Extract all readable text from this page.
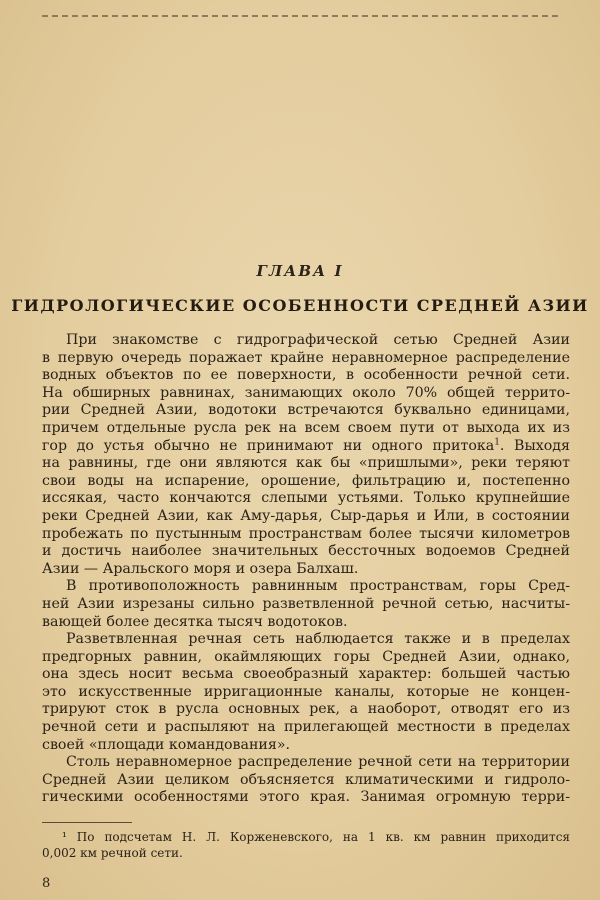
ГЛАВА I
ГИДРОЛОГИЧЕСКИЕ ОСОБЕННОСТИ СРЕДНЕЙ АЗИИ
При знакомстве с гидрографической сетью Средней Азии
в первую очередь поражает крайне неравномерное распределение
водных объектов по ее поверхности, в особенности речной сети.
На обширных равнинах, занимающих около 70% общей террито-
рии Средней Азии, водотоки встречаются буквально единицами,
причем отдельные русла рек на всем своем пути от выхода их из
гор до устья обычно не принимают ни одного притока$^1$. Выходя
на равнины, где они являются как бы «пришлыми», реки теряют
свои воды на испарение, орошение, фильтрацию и, постепенно
иссякая, часто кончаются слепыми устьями. Только крупнейшие
реки Средней Азии, как Аму-дарья, Сыр-дарья и Или, в состоянии
пробежать по пустынным пространствам более тысячи километров
и достичь наиболее значительных бессточных водоемов Средней
Азии — Аральского моря и озера Балхаш.
В противоположность равнинным пространствам, горы Сред-
ней Азии изрезаны сильно разветвленной речной сетью, насчиты-
вающей более десятка тысяч водотоков.
Разветвленная речная сеть наблюдается также и в пределах
предгорных равнин, окаймляющих горы Средней Азии, однако,
она здесь носит весьма своеобразный характер: большей частью
это искусственные ирригационные каналы, которые не концен-
трируют сток в русла основных рек, а наоборот, отводят его из
речной сети и распыляют на прилегающей местности в пределах
своей «площади командования».
Столь неравномерное распределение речной сети на территории
Средней Азии целиком объясняется климатическими и гидроло-
гическими особенностями этого края. Занимая огромную терри-
¹ По подсчетам Н. Л. Корженевского, на 1 кв. км равнин приходится
0,002 км речной сети.
8
